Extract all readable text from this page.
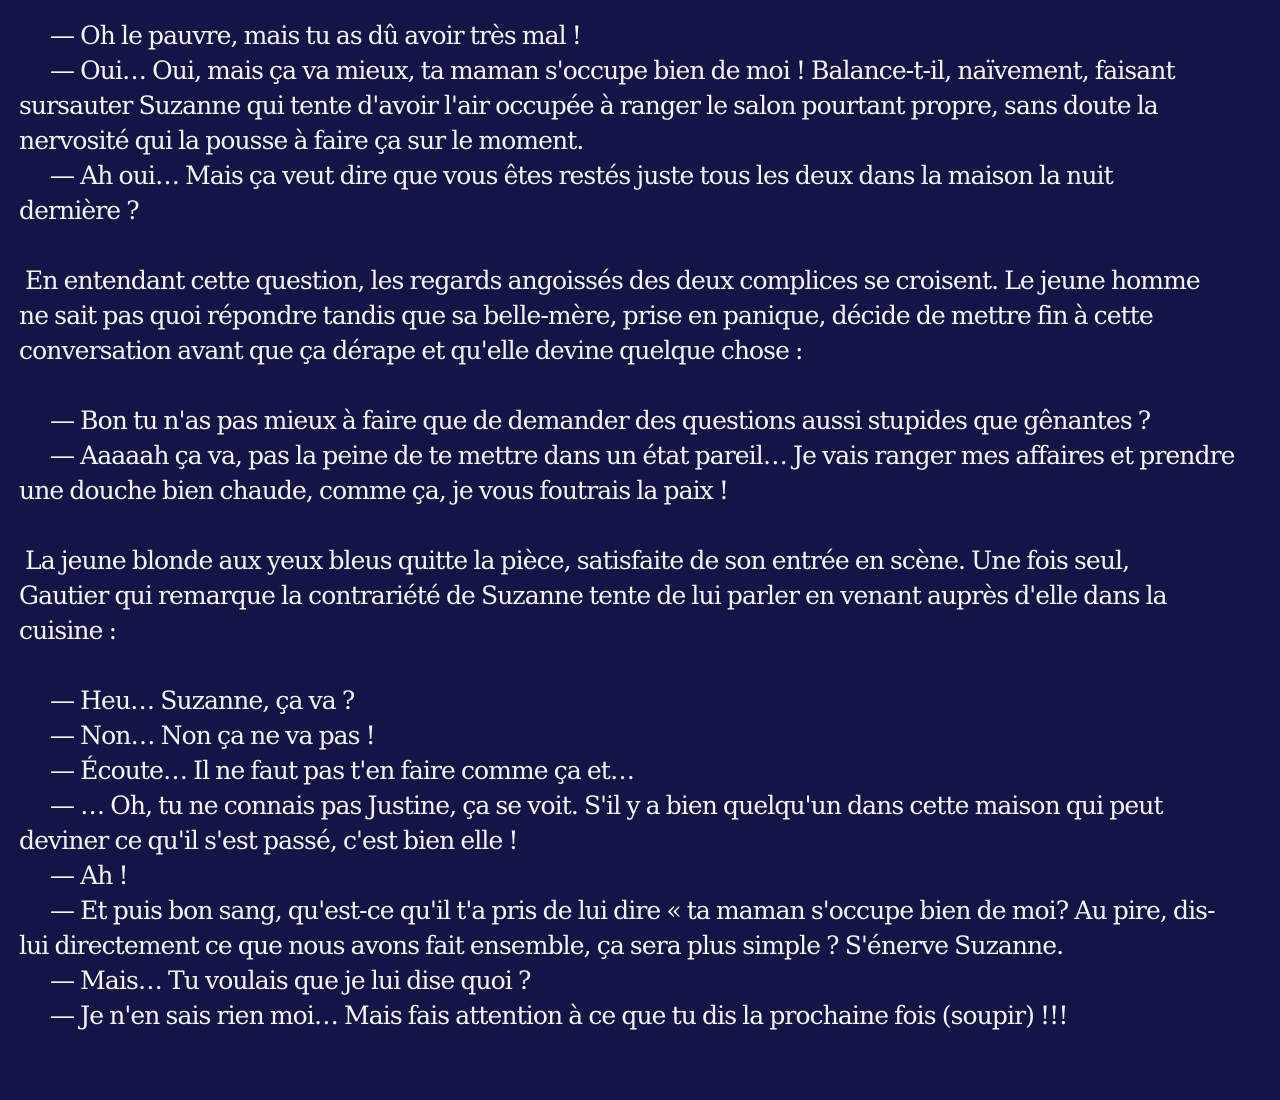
— Oh le pauvre, mais tu as dû avoir très mal !
— Oui… Oui, mais ça va mieux, ta maman s'occupe bien de moi ! Balance-t-il, naïvement, faisant
sursauter Suzanne qui tente d'avoir l'air occupée à ranger le salon pourtant propre, sans doute la
nervosité qui la pousse à faire ça sur le moment.
— Ah oui… Mais ça veut dire que vous êtes restés juste tous les deux dans la maison la nuit
dernière ?
En entendant cette question, les regards angoissés des deux complices se croisent. Le jeune homme
ne sait pas quoi répondre tandis que sa belle-mère, prise en panique, décide de mettre fin à cette
conversation avant que ça dérape et qu'elle devine quelque chose :
— Bon tu n'as pas mieux à faire que de demander des questions aussi stupides que gênantes ?
— Aaaaah ça va, pas la peine de te mettre dans un état pareil… Je vais ranger mes affaires et prendre
une douche bien chaude, comme ça, je vous foutrais la paix !
La jeune blonde aux yeux bleus quitte la pièce, satisfaite de son entrée en scène. Une fois seul,
Gautier qui remarque la contrariété de Suzanne tente de lui parler en venant auprès d'elle dans la
cuisine :
— Heu… Suzanne, ça va ?
— Non… Non ça ne va pas !
— Écoute… Il ne faut pas t'en faire comme ça et…
— … Oh, tu ne connais pas Justine, ça se voit. S'il y a bien quelqu'un dans cette maison qui peut
deviner ce qu'il s'est passé, c'est bien elle !
— Ah !
— Et puis bon sang, qu'est-ce qu'il t'a pris de lui dire « ta maman s'occupe bien de moi? Au pire, dis-
lui directement ce que nous avons fait ensemble, ça sera plus simple ? S'énerve Suzanne.
— Mais… Tu voulais que je lui dise quoi ?
— Je n'en sais rien moi… Mais fais attention à ce que tu dis la prochaine fois (soupir) !!!
